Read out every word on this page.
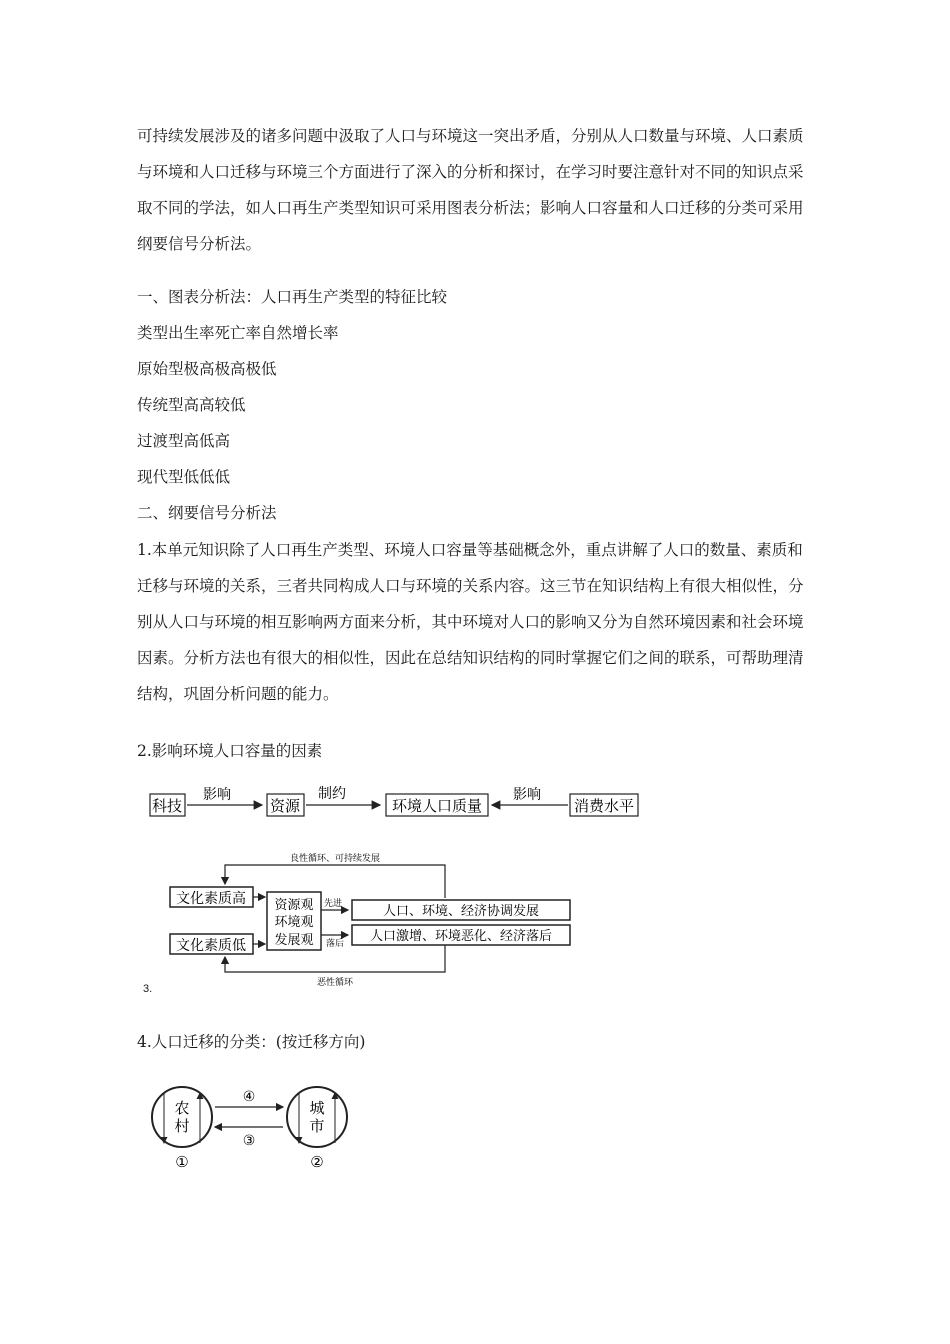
可持续发展涉及的诸多问题中汲取了人口与环境这一突出矛盾，分别从人口数量与环境、人口素质与环境和人口迁移与环境三个方面进行了深入的分析和探讨，在学习时要注意针对不同的知识点采取不同的学法，如人口再生产类型知识可采用图表分析法；影响人口容量和人口迁移的分类可采用纲要信号分析法。

一、图表分析法：人口再生产类型的特征比较
类型出生率死亡率自然增长率
原始型极高极高极低
传统型高高较低
过渡型高低高
现代型低低低
二、纲要信号分析法

1.本单元知识除了人口再生产类型、环境人口容量等基础概念外，重点讲解了人口的数量、素质和迁移与环境的关系，三者共同构成人口与环境的关系内容。这三节在知识结构上有很大相似性，分别从人口与环境的相互影响两方面来分析，其中环境对人口的影响又分为自然环境因素和社会环境因素。分析方法也有很大的相似性，因此在总结知识结构的同时掌握它们之间的联系，可帮助理清结构，巩固分析问题的能力。

2.影响环境人口容量的因素
科技
影响
资源
制约
环境人口质量
影响
消费水平
良性循环、可持续发展
文化素质高
文化素质低
资源观
环境观
发展观
先进
落后
人口、环境、经济协调发展
人口激增、环境恶化、经济落后
恶性循环
3.
4.人口迁移的分类：(按迁移方向)
农
村
①
城
市
②
④
③
